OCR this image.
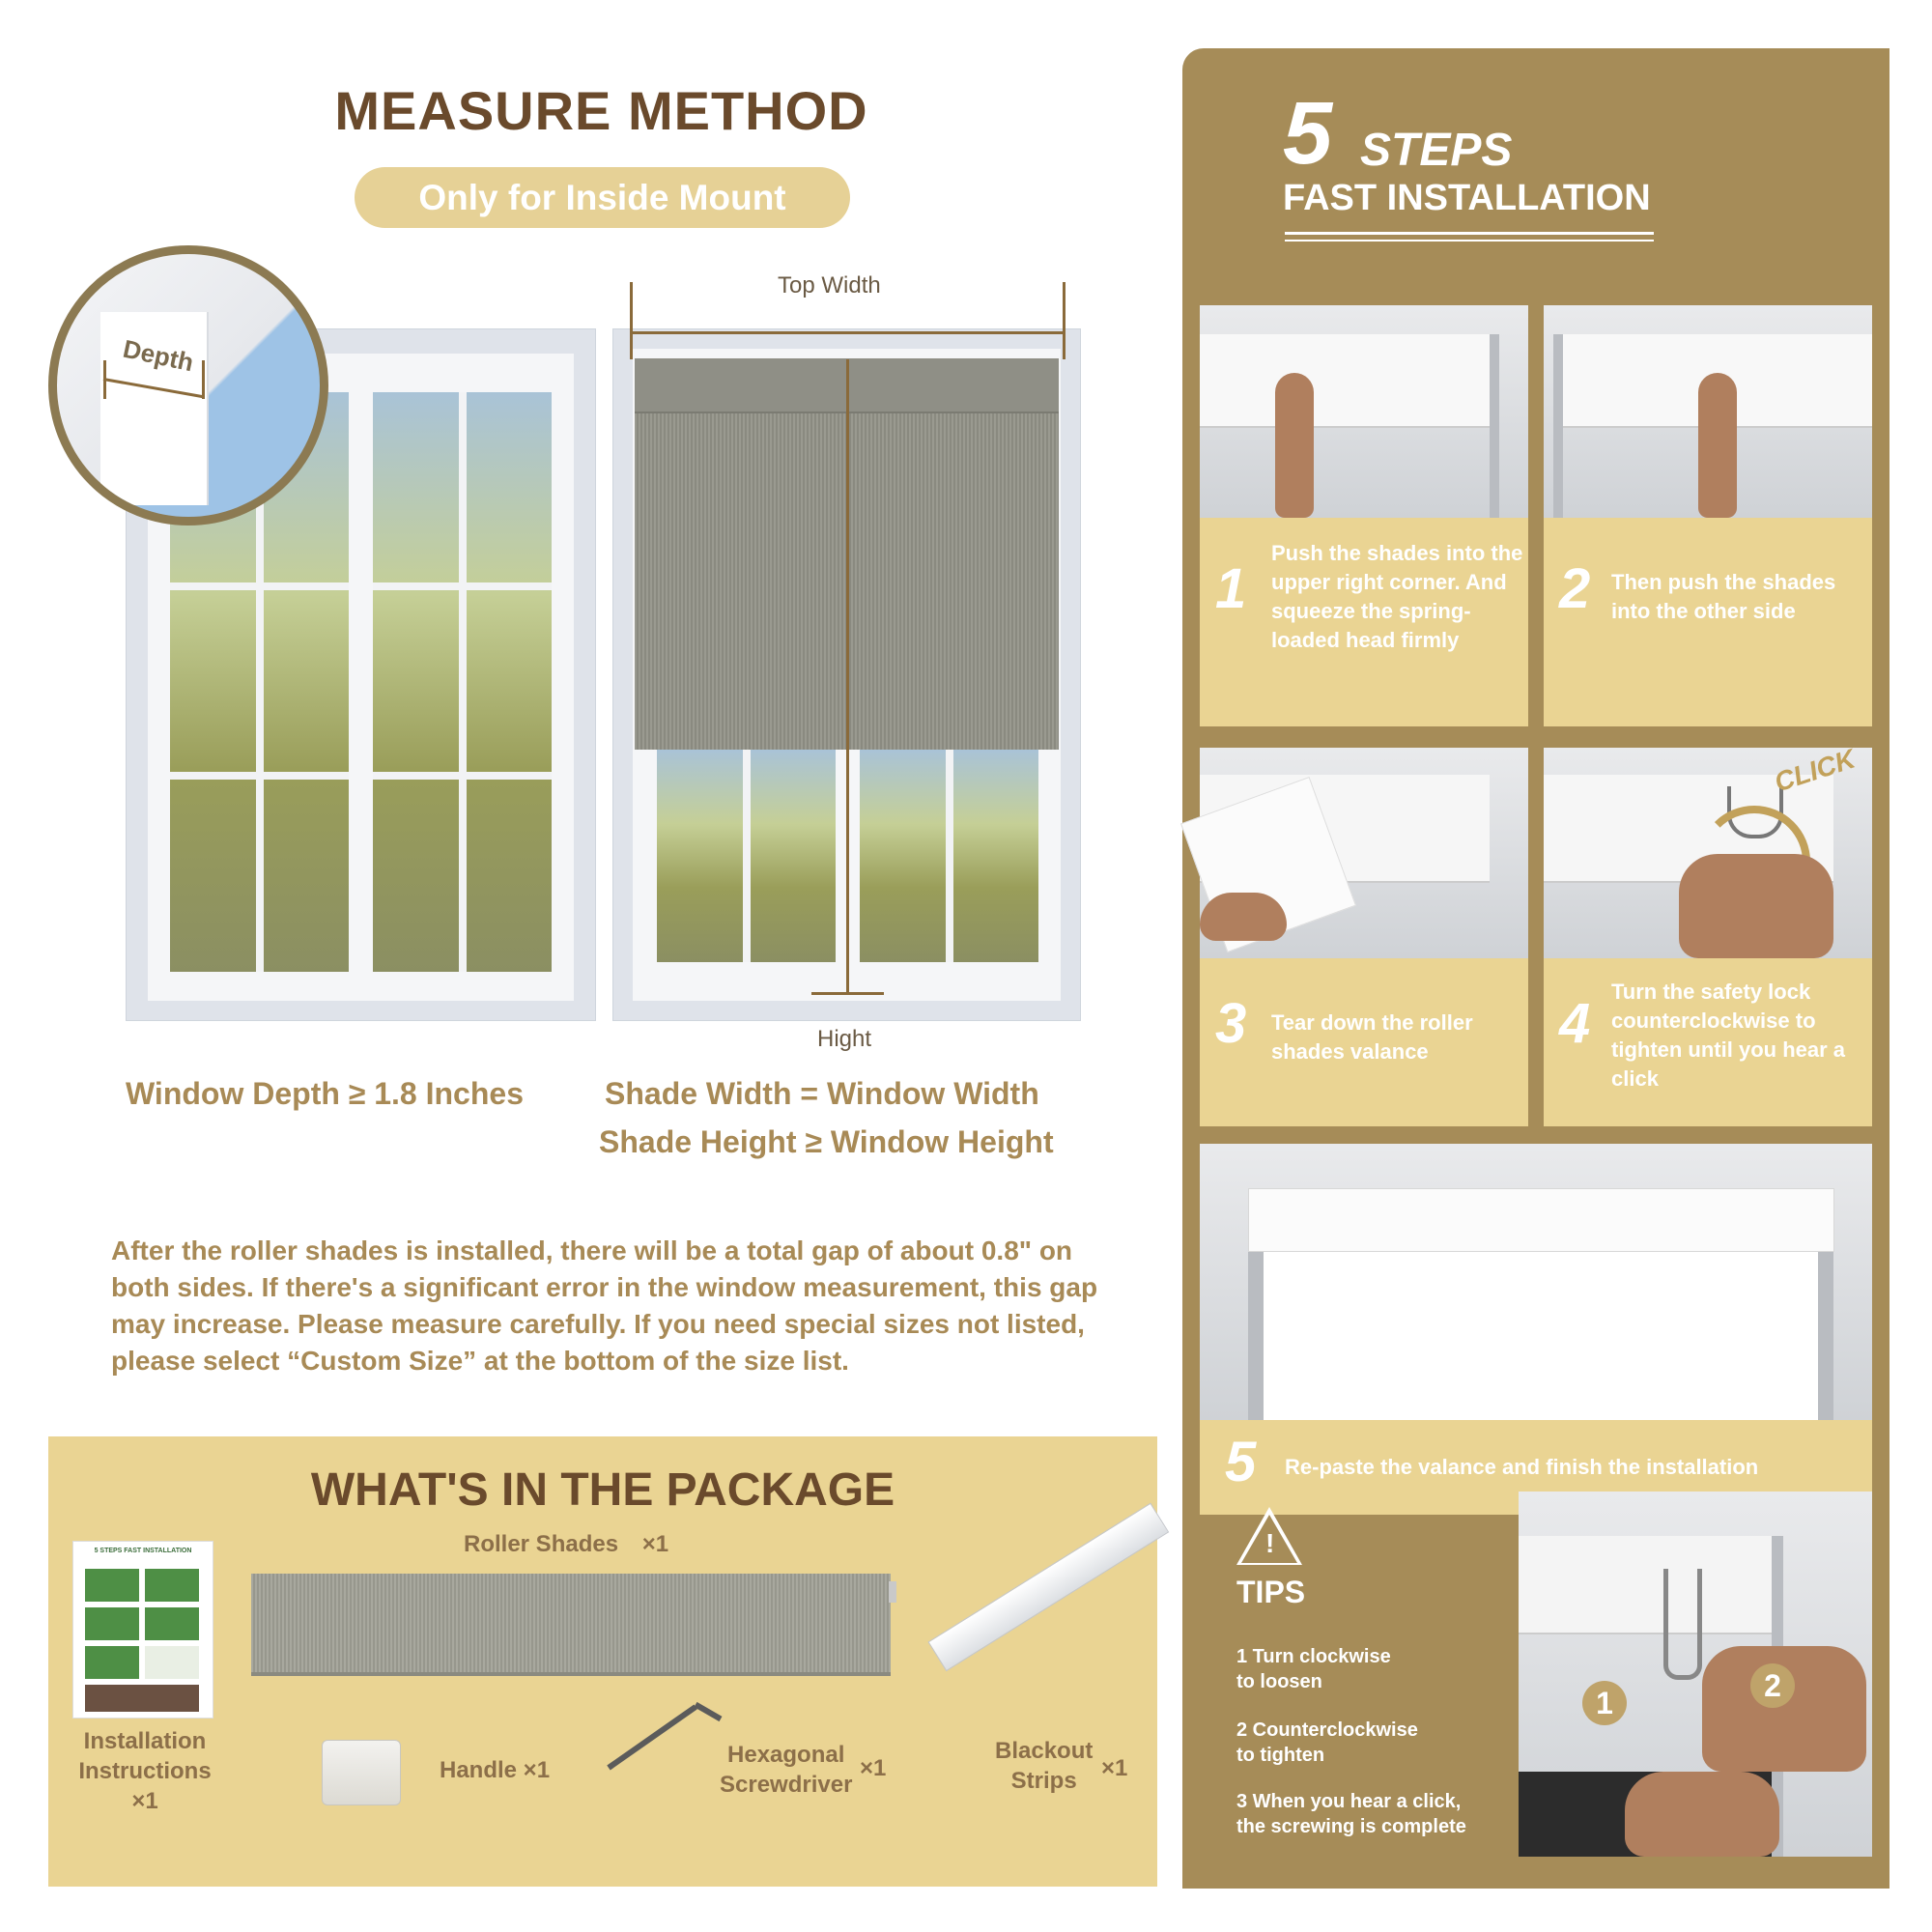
MEASURE METHOD
Only for Inside Mount
Depth
Top Width
Hight
Window Depth ≥ 1.8 Inches	Shade Width = Window Width
Shade Height ≥ Window Height
After the roller shades is installed, there will be a total gap of about 0.8" on both sides. If there's a significant error in the window measurement, this gap may increase. Please measure carefully. If you need special sizes not listed, please select “Custom Size” at the bottom of the size list.
WHAT'S IN THE PACKAGE
5 STEPS FAST INSTALLATION
Installation
Instructions
×1
Roller Shades ×1
Handle ×1
Hexagonal
Screwdriver
×1
Blackout
Strips	×1
5 STEPS
FAST INSTALLATION
1
Push the shades into the upper right corner. And squeeze the spring-loaded head firmly
2 Then push the shades into the other side
3 Tear down the roller shades valance
CLICK
4
Turn the safety lock counterclockwise to tighten until you hear a click
5 Re-paste the valance and finish the installation
!
TIPS
1 Turn clockwise to loosen
2 Counterclockwise to tighten
3 When you hear a click, the screwing is complete
1	2
